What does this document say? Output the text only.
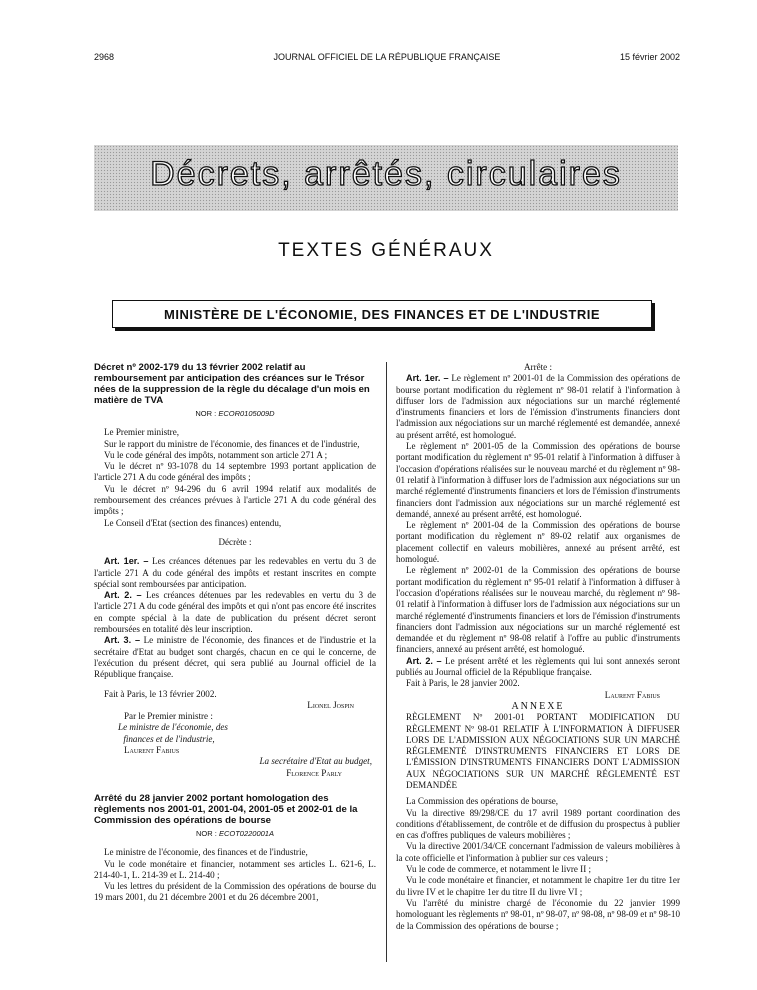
2968	JOURNAL OFFICIEL DE LA RÉPUBLIQUE FRANÇAISE	15 février 2002
Décrets, arrêtés, circulaires
TEXTES GÉNÉRAUX
MINISTÈRE DE L'ÉCONOMIE, DES FINANCES ET DE L'INDUSTRIE

Décret nº 2002-179 du 13 février 2002 relatif au remboursement par anticipation des créances sur le Trésor nées de la suppression de la règle du décalage d'un mois en matière de TVA

NOR : ECOR0105009D

Le Premier ministre,

Sur le rapport du ministre de l'économie, des finances et de l'industrie,

Vu le code général des impôts, notamment son article 271 A ;

Vu le décret nº 93-1078 du 14 septembre 1993 portant application de l'article 271 A du code général des impôts ;

Vu le décret nº 94-296 du 6 avril 1994 relatif aux modalités de remboursement des créances prévues à l'article 271 A du code général des impôts ;

Le Conseil d'Etat (section des finances) entendu,

Décrète :

Art. 1er. – Les créances détenues par les redevables en vertu du 3 de l'article 271 A du code général des impôts et restant inscrites en compte spécial sont remboursées par anticipation.

Art. 2. – Les créances détenues par les redevables en vertu du 3 de l'article 271 A du code général des impôts et qui n'ont pas encore été inscrites en compte spécial à la date de publication du présent décret seront remboursées en totalité dès leur inscription.

Art. 3. – Le ministre de l'économie, des finances et de l'industrie et la secrétaire d'Etat au budget sont chargés, chacun en ce qui le concerne, de l'exécution du présent décret, qui sera publié au Journal officiel de la République française.

Fait à Paris, le 13 février 2002.

Lionel Jospin

Par le Premier ministre :

Le ministre de l'économie, des finances et de l'industrie,

Laurent Fabius

La secrétaire d'Etat au budget,

Florence Parly

Arrêté du 28 janvier 2002 portant homologation des règlements nos 2001-01, 2001-04, 2001-05 et 2002-01 de la Commission des opérations de bourse

NOR : ECOT0220001A

Le ministre de l'économie, des finances et de l'industrie,

Vu le code monétaire et financier, notamment ses articles L. 621-6, L. 214-40-1, L. 214-39 et L. 214-40 ;

Vu les lettres du président de la Commission des opérations de bourse du 19 mars 2001, du 21 décembre 2001 et du 26 décembre 2001,

Arrête :

Art. 1er. – Le règlement nº 2001-01 de la Commission des opérations de bourse portant modification du règlement nº 98-01 relatif à l'information à diffuser lors de l'admission aux négociations sur un marché réglementé d'instruments financiers et lors de l'émission d'instruments financiers dont l'admission aux négociations sur un marché réglementé est demandée, annexé au présent arrêté, est homologué.

Le règlement nº 2001-05 de la Commission des opérations de bourse portant modification du règlement nº 95-01 relatif à l'information à diffuser à l'occasion d'opérations réalisées sur le nouveau marché et du règlement nº 98-01 relatif à l'information à diffuser lors de l'admission aux négociations sur un marché réglementé d'instruments financiers et lors de l'émission d'instruments financiers dont l'admission aux négociations sur un marché réglementé est demandé, annexé au présent arrêté, est homologué.

Le règlement nº 2001-04 de la Commission des opérations de bourse portant modification du règlement nº 89-02 relatif aux organismes de placement collectif en valeurs mobilières, annexé au présent arrêté, est homologué.

Le règlement nº 2002-01 de la Commission des opérations de bourse portant modification du règlement nº 95-01 relatif à l'information à diffuser à l'occasion d'opérations réalisées sur le nouveau marché, du règlement nº 98-01 relatif à l'information à diffuser lors de l'admission aux négociations sur un marché réglementé d'instruments financiers et lors de l'émission d'instruments financiers dont l'admission aux négociations sur un marché réglementé est demandée et du règlement nº 98-08 relatif à l'offre au public d'instruments financiers, annexé au présent arrêté, est homologué.

Art. 2. – Le présent arrêté et les règlements qui lui sont annexés seront publiés au Journal officiel de la République française.

Fait à Paris, le 28 janvier 2002.

Laurent Fabius

ANNEXE

RÈGLEMENT Nº 2001-01 PORTANT MODIFICATION DU RÈGLEMENT Nº 98-01 RELATIF À L'INFORMATION À DIFFUSER LORS DE L'ADMISSION AUX NÉGOCIATIONS SUR UN MARCHÉ RÉGLEMENTÉ D'INSTRUMENTS FINANCIERS ET LORS DE L'ÉMISSION D'INSTRUMENTS FINANCIERS DONT L'ADMISSION AUX NÉGOCIATIONS SUR UN MARCHÉ RÉGLEMENTÉ EST DEMANDÉE

La Commission des opérations de bourse,

Vu la directive 89/298/CE du 17 avril 1989 portant coordination des conditions d'établissement, de contrôle et de diffusion du prospectus à publier en cas d'offres publiques de valeurs mobilières ;

Vu la directive 2001/34/CE concernant l'admission de valeurs mobilières à la cote officielle et l'information à publier sur ces valeurs ;

Vu le code de commerce, et notamment le livre II ;

Vu le code monétaire et financier, et notamment le chapitre 1er du titre 1er du livre IV et le chapitre 1er du titre II du livre VI ;

Vu l'arrêté du ministre chargé de l'économie du 22 janvier 1999 homologuant les règlements nº 98-01, nº 98-07, nº 98-08, nº 98-09 et nº 98-10 de la Commission des opérations de bourse ;
